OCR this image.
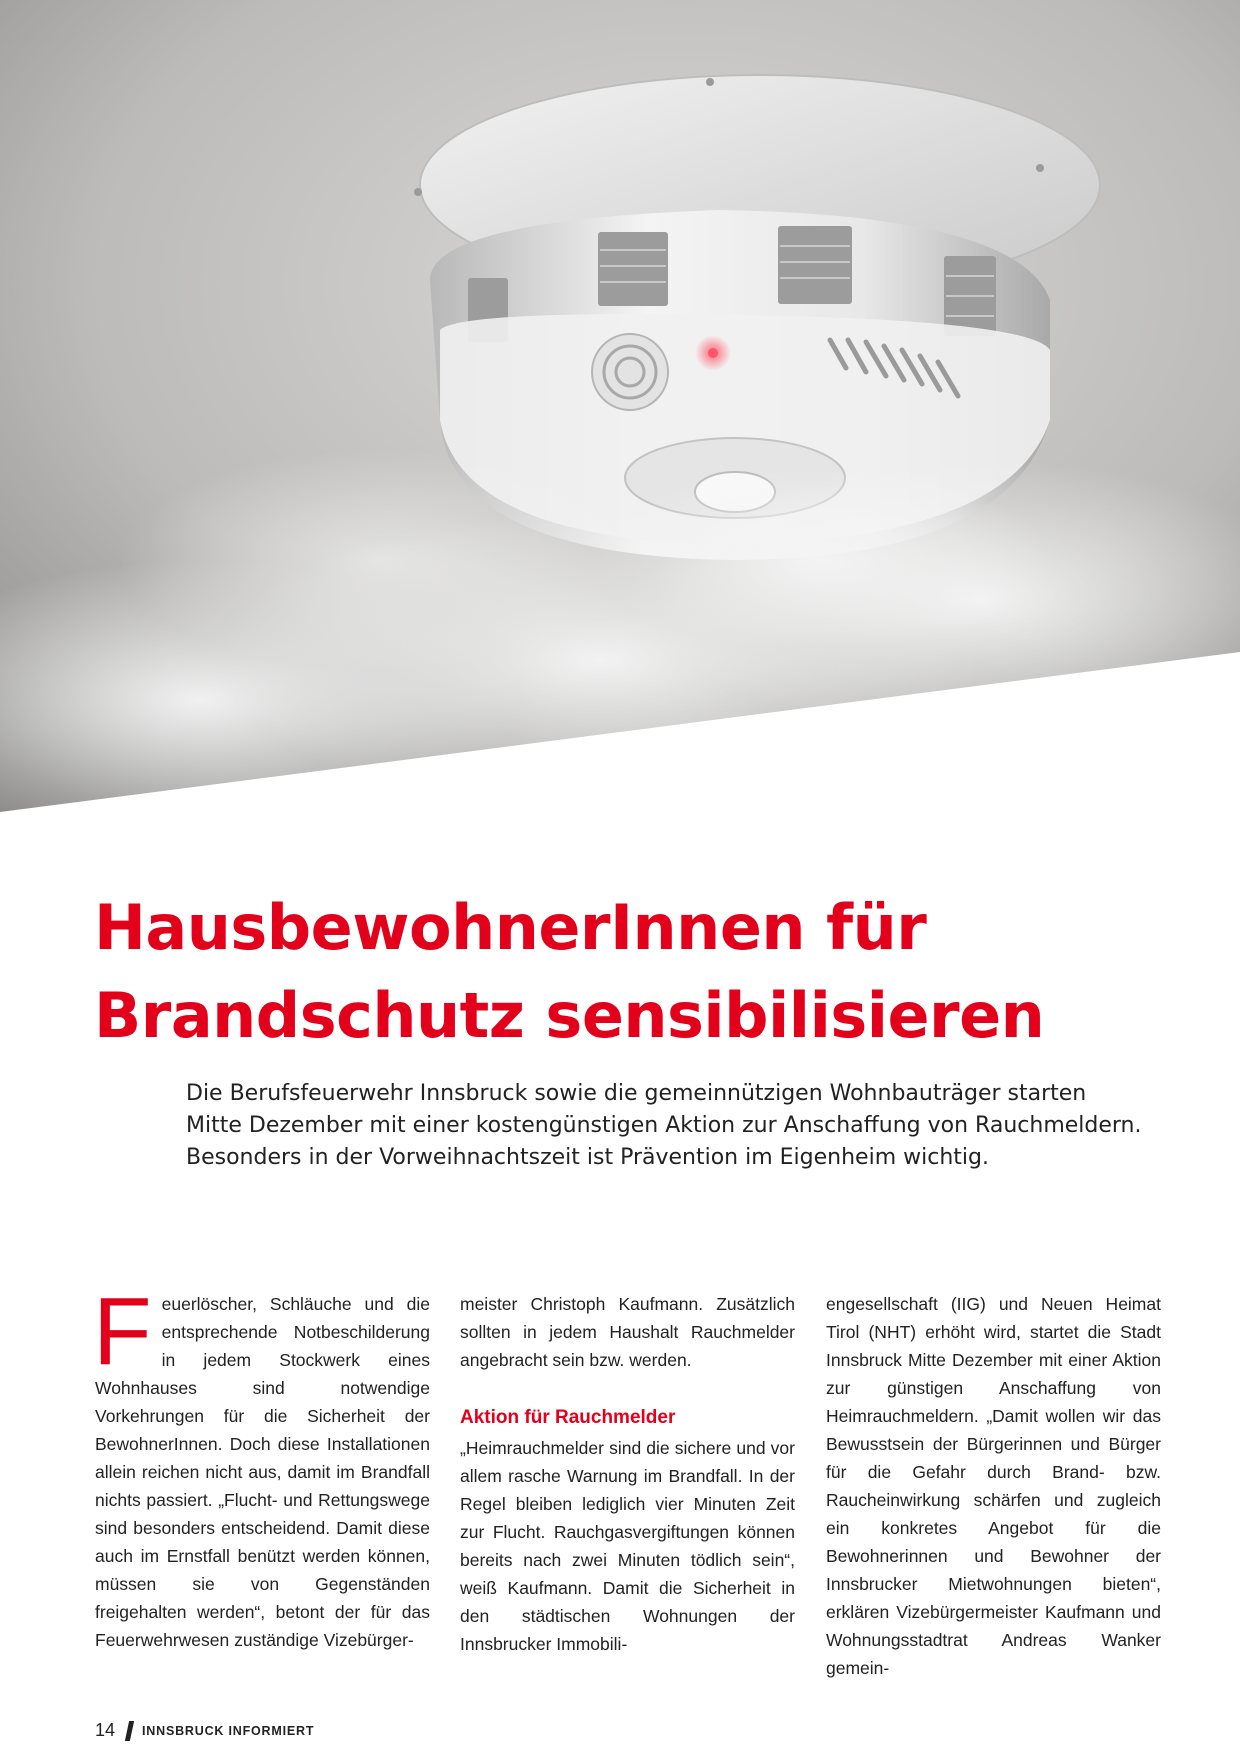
HausbewohnerInnen für
Brandschutz sensibilisieren

Die Berufsfeuerwehr Innsbruck sowie die gemeinnützigen Wohnbauträger starten
Mitte Dezember mit einer kostengünstigen Aktion zur Anschaffung von Rauchmeldern.
Besonders in der Vorweihnachtszeit ist Prävention im Eigenheim wichtig.

F euerlöscher, Schläuche und die entsprechende Notbeschilderung in jedem Stockwerk eines Wohnhauses sind notwendige Vorkehrungen für die Sicherheit der BewohnerInnen. Doch diese Installationen allein reichen nicht aus, damit im Brandfall nichts passiert. „Flucht- und Rettungswege sind besonders entscheidend. Damit diese auch im Ernstfall benützt werden können, müssen sie von Gegenständen freigehalten werden“, betont der für das Feuerwehrwesen zuständige Vizebürger-

meister Christoph Kaufmann. Zusätzlich sollten in jedem Haushalt Rauchmelder angebracht sein bzw. werden.

Aktion für Rauchmelder

„Heimrauchmelder sind die sichere und vor allem rasche Warnung im Brandfall. In der Regel bleiben lediglich vier Minuten Zeit zur Flucht. Rauchgasvergiftungen können bereits nach zwei Minuten tödlich sein“, weiß Kaufmann. Damit die Sicherheit in den städtischen Wohnungen der Innsbrucker Immobili-

engesellschaft (IIG) und Neuen Heimat Tirol (NHT) erhöht wird, startet die Stadt Innsbruck Mitte Dezember mit einer Aktion zur günstigen Anschaffung von Heimrauchmeldern. „Damit wollen wir das Bewusstsein der Bürgerinnen und Bürger für die Gefahr durch Brand- bzw. Raucheinwirkung schärfen und zugleich ein konkretes Angebot für die Bewohnerinnen und Bewohner der Innsbrucker Mietwohnungen bieten“, erklären Vizebürgermeister Kaufmann und Wohnungsstadtrat Andreas Wanker gemein-

14 INNSBRUCK INFORMIERT
